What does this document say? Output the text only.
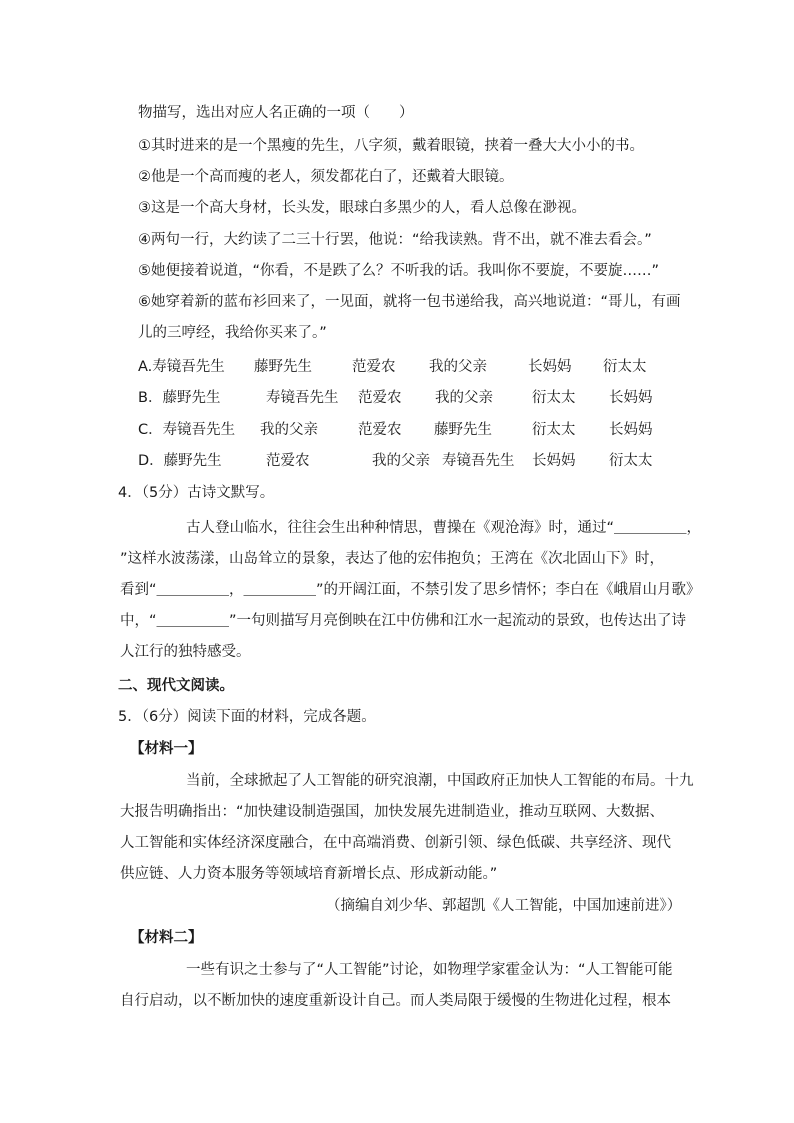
物描写，选出对应人名正确的一项（　　）
①其时进来的是一个黑瘦的先生，八字须，戴着眼镜，挟着一叠大大小小的书。
②他是一个高而瘦的老人，须发都花白了，还戴着大眼镜。
③这是一个高大身材，长头发，眼球白多黑少的人，看人总像在渺视。
④两句一行，大约读了二三十行罢，他说：“给我读熟。背不出，就不准去看会。”
⑤她便接着说道，“你看，不是跌了么？不听我的话。我叫你不要旋，不要旋……”
⑥她穿着新的蓝布衫回来了，一见面，就将一包书递给我，高兴地说道：“哥儿，有画
儿的三哼经，我给你买来了。”
A.寿镜吾先生 藤野先生	范爱农 我的父亲	长妈妈 衍太太
B．藤野先生	寿镜吾先生 范爱农 我的父亲	衍太太 长妈妈
C．寿镜吾先生 我的父亲	范爱农 藤野先生	衍太太 长妈妈
D．藤野先生	范爱农	我的父亲 寿镜吾先生 长妈妈 衍太太
4．（5分）古诗文默写。
古人登山临水，往往会生出种种情思，曹操在《观沧海》时，通过“＿＿＿＿＿，
”这样水波荡漾，山岛耸立的景象，表达了他的宏伟抱负；王湾在《次北固山下》时，
看到“＿＿＿＿＿，＿＿＿＿＿”的开阔江面，不禁引发了思乡情怀；李白在《峨眉山月歌》
中，“＿＿＿＿＿”一句则描写月亮倒映在江中仿佛和江水一起流动的景致，也传达出了诗
人江行的独特感受。
二、现代文阅读。
5．（6分）阅读下面的材料，完成各题。
【材料一】
当前，全球掀起了人工智能的研究浪潮，中国政府正加快人工智能的布局。十九
大报告明确指出：“加快建设制造强国，加快发展先进制造业，推动互联网、大数据、
人工智能和实体经济深度融合，在中高端消费、创新引领、绿色低碳、共享经济、现代
供应链、人力资本服务等领域培育新增长点、形成新动能。”
（摘编自刘少华、郭超凯《人工智能，中国加速前进》）
【材料二】
一些有识之士参与了“人工智能”讨论，如物理学家霍金认为：“人工智能可能
自行启动，以不断加快的速度重新设计自己。而人类局限于缓慢的生物进化过程，根本
